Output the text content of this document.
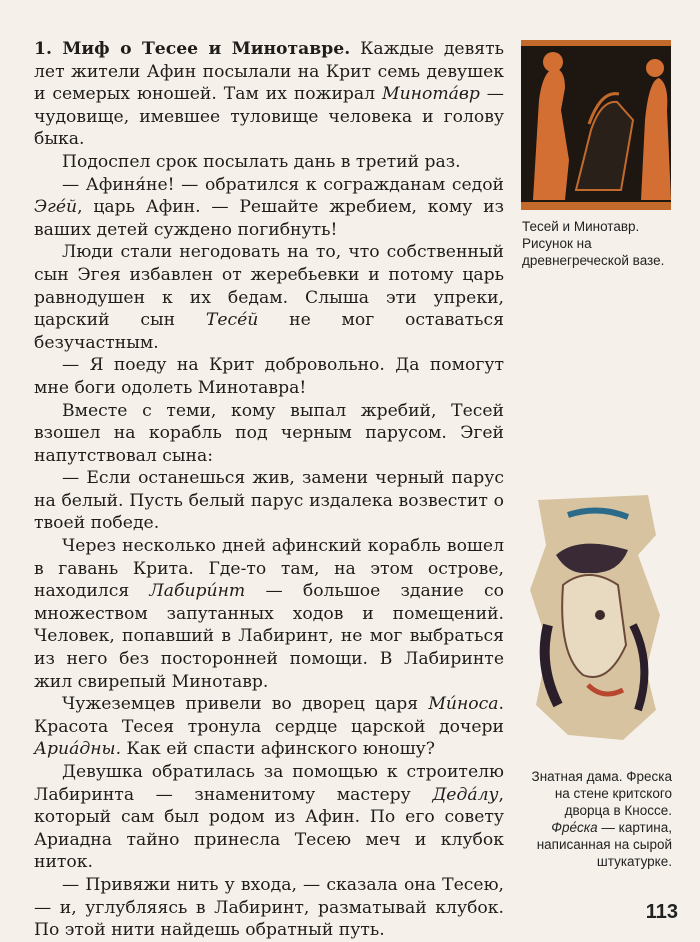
1. Миф о Тесее и Минотавре. Каждые девять лет жители Афин посылали на Крит семь девушек и семерых юношей. Там их пожирал Минота́вр — чудовище, имевшее туловище человека и голову быка.

Подоспел срок посылать дань в третий раз.

— Афиня́не! — обратился к согражданам седой Эге́й, царь Афин. — Решайте жребием, кому из ваших детей суждено погибнуть!

Люди стали негодовать на то, что собственный сын Эгея избавлен от жеребьевки и потому царь равнодушен к их бедам. Слыша эти упреки, царский сын Тесе́й не мог оставаться безучастным.

— Я поеду на Крит добровольно. Да помогут мне боги одолеть Минотавра!

Вместе с теми, кому выпал жребий, Тесей взошел на корабль под черным парусом. Эгей напутствовал сына:

— Если останешься жив, замени черный парус на белый. Пусть белый парус издалека возвестит о твоей победе.

Через несколько дней афинский корабль вошел в гавань Крита. Где-то там, на этом острове, находился Лабири́нт — большое здание со множеством запутанных ходов и помещений. Человек, попавший в Лабиринт, не мог выбраться из него без посторонней помощи. В Лабиринте жил свирепый Минотавр.

Чужеземцев привели во дворец царя Ми́носа. Красота Тесея тронула сердце царской дочери Ариа́дны. Как ей спасти афинского юношу?

Девушка обратилась за помощью к строителю Лабиринта — знаменитому мастеру Деда́лу, который сам был родом из Афин. По его совету Ариадна тайно принесла Тесею меч и клубок ниток.

— Привяжи нить у входа, — сказала она Тесею, — и, углубляясь в Лабиринт, разматывай клубок. По этой нити найдешь обратный путь.

Тесей и Минотавр. Рисунок на древнегреческой вазе.
Знатная дама. Фреска на стене критского дворца в Кноссе.
Фре́ска — картина, написанная на сырой штукатурке.
113
